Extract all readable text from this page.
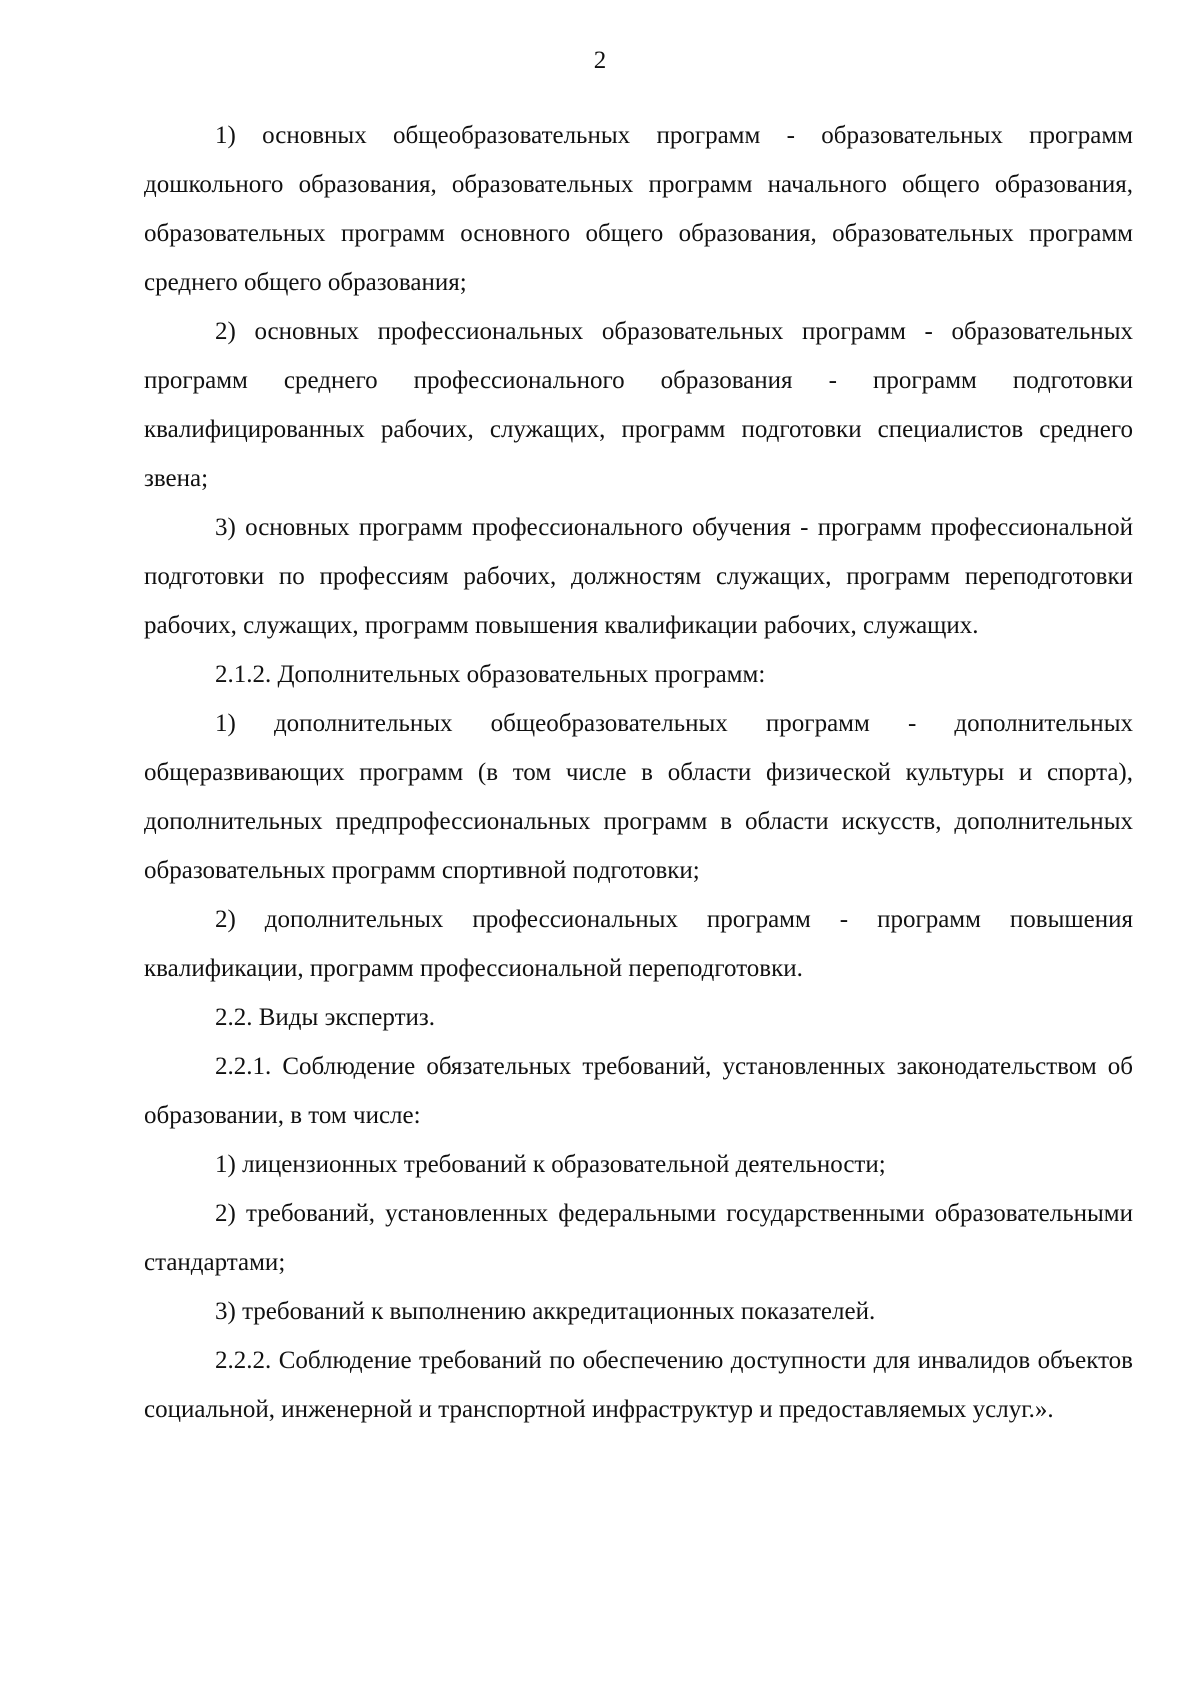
2

1) основных общеобразовательных программ - образовательных программ дошкольного образования, образовательных программ начального общего образования, образовательных программ основного общего образования, образовательных программ среднего общего образования;

2) основных профессиональных образовательных программ - образовательных программ среднего профессионального образования - программ подготовки квалифицированных рабочих, служащих, программ подготовки специалистов среднего звена;

3) основных программ профессионального обучения - программ профессиональной подготовки по профессиям рабочих, должностям служащих, программ переподготовки рабочих, служащих, программ повышения квалификации рабочих, служащих.

2.1.2. Дополнительных образовательных программ:

1) дополнительных общеобразовательных программ - дополнительных общеразвивающих программ (в том числе в области физической культуры и спорта), дополнительных предпрофессиональных программ в области искусств, дополнительных образовательных программ спортивной подготовки;

2) дополнительных профессиональных программ - программ повышения квалификации, программ профессиональной переподготовки.

2.2. Виды экспертиз.

2.2.1. Соблюдение обязательных требований, установленных законодательством об образовании, в том числе:

1) лицензионных требований к образовательной деятельности;

2) требований, установленных федеральными государственными образовательными стандартами;

3) требований к выполнению аккредитационных показателей.

2.2.2. Соблюдение требований по обеспечению доступности для инвалидов объектов социальной, инженерной и транспортной инфраструктур и предоставляемых услуг.».
